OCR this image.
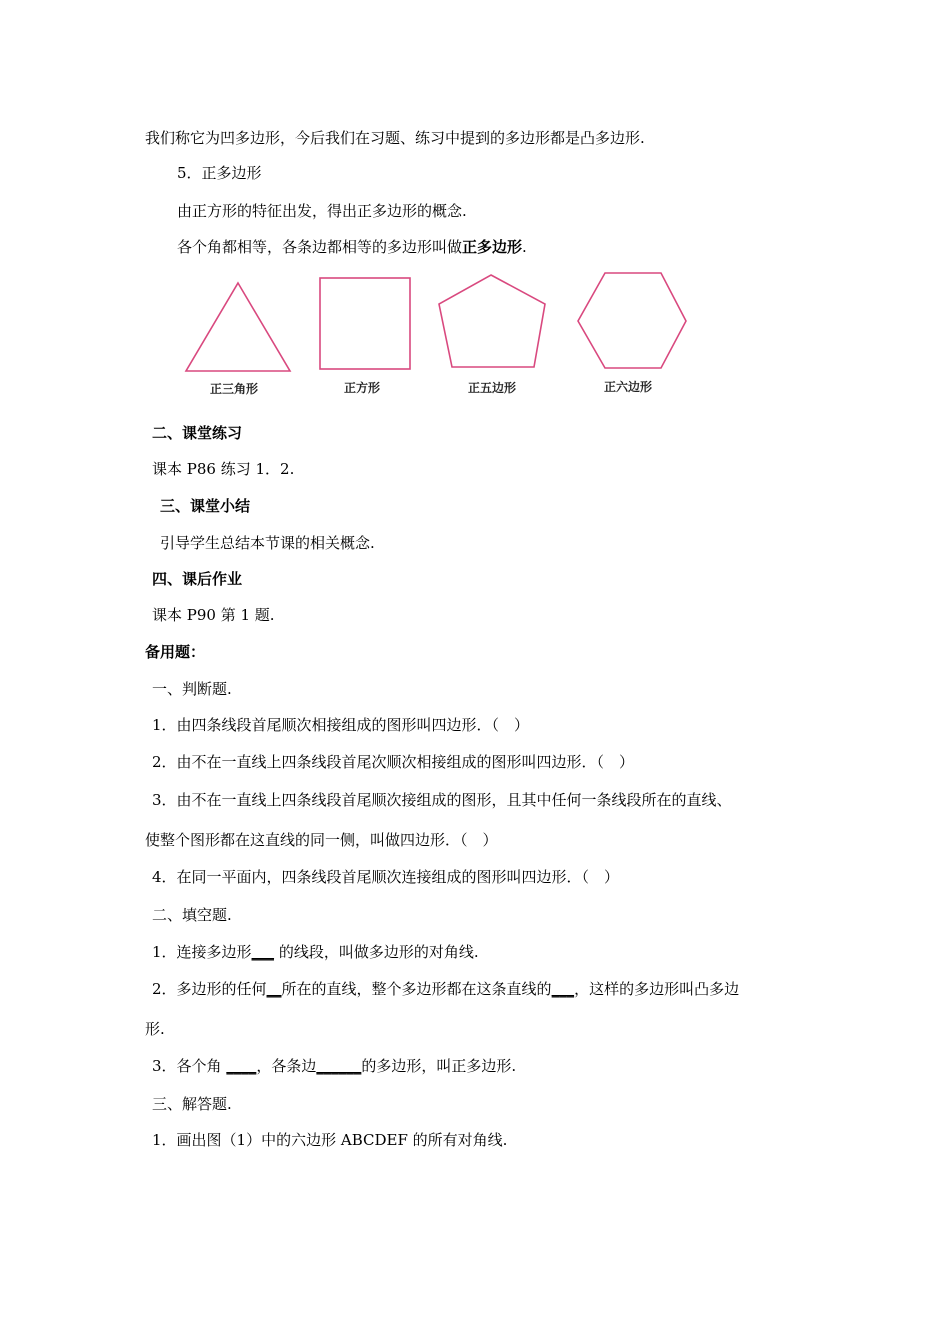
我们称它为凹多边形，今后我们在习题、练习中提到的多边形都是凸多边形.
5．正多边形
由正方形的特征出发，得出正多边形的概念.
各个角都相等，各条边都相等的多边形叫做正多边形.
正三角形	正方形	正五边形	正六边形
二、课堂练习
课本 P86 练习 1．2.
三、课堂小结
引导学生总结本节课的相关概念.
四、课后作业
课本 P90 第 1 题.
备用题：
一、判断题.
1．由四条线段首尾顺次相接组成的图形叫四边形．（　）
2．由不在一直线上四条线段首尾次顺次相接组成的图形叫四边形．（　）
3．由不在一直线上四条线段首尾顺次接组成的图形，且其中任何一条线段所在的直线、
使整个图形都在这直线的同一侧，叫做四边形．（　）
4．在同一平面内，四条线段首尾顺次连接组成的图形叫四边形．（　）
二、填空题.
1．连接多边形___ 的线段，叫做多边形的对角线.
2．多边形的任何__所在的直线，整个多边形都在这条直线的___，这样的多边形叫凸多边
形.
3．各个角 ____，各条边______的多边形，叫正多边形.
三、解答题.
1．画出图（1）中的六边形 ABCDEF 的所有对角线.
